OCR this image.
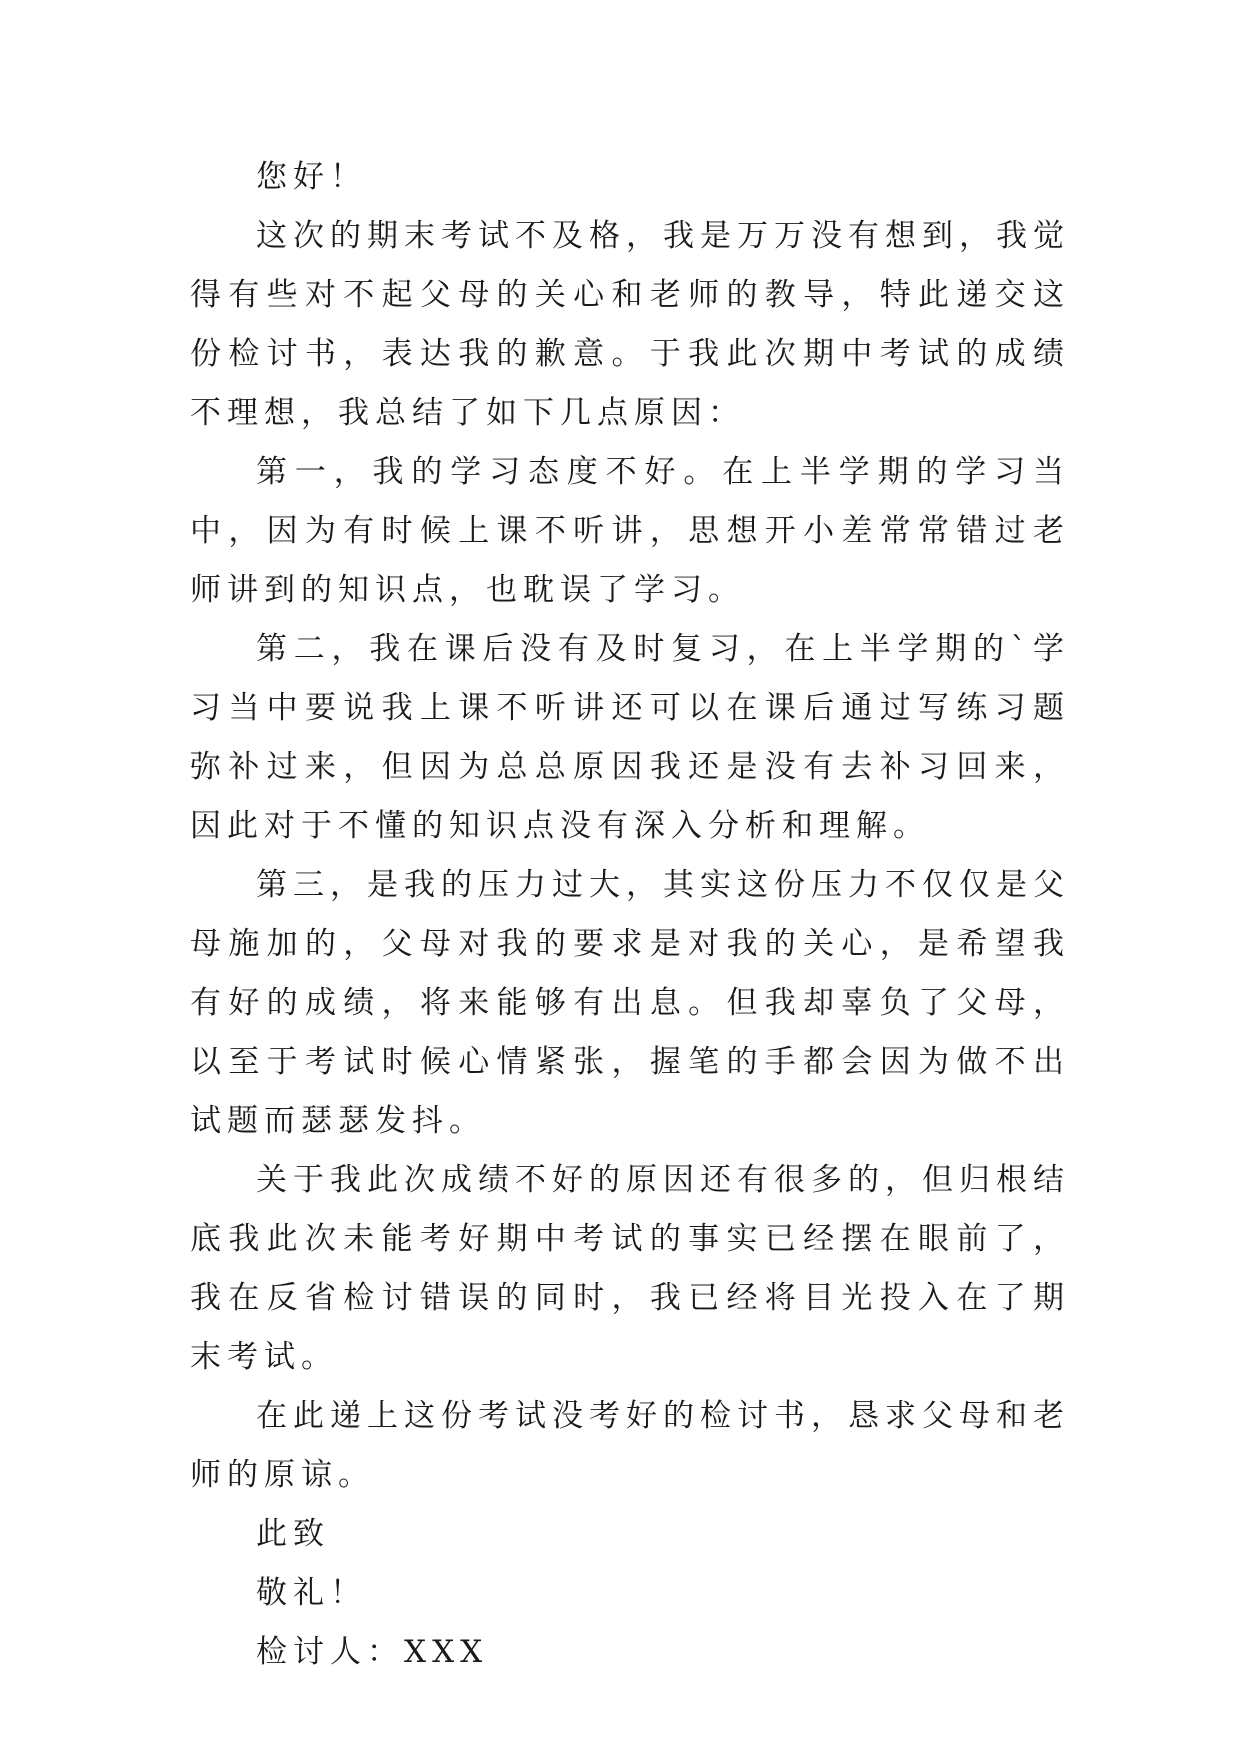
您好！

这次的期末考试不及格，我是万万没有想到，我觉得有些对不起父母的关心和老师的教导，特此递交这份检讨书，表达我的歉意。于我此次期中考试的成绩不理想，我总结了如下几点原因：

第一，我的学习态度不好。在上半学期的学习当中，因为有时候上课不听讲，思想开小差常常错过老师讲到的知识点，也耽误了学习。

第二，我在课后没有及时复习，在上半学期的`学习当中要说我上课不听讲还可以在课后通过写练习题弥补过来，但因为总总原因我还是没有去补习回来，因此对于不懂的知识点没有深入分析和理解。

第三，是我的压力过大，其实这份压力不仅仅是父母施加的，父母对我的要求是对我的关心，是希望我有好的成绩，将来能够有出息。但我却辜负了父母，以至于考试时候心情紧张，握笔的手都会因为做不出试题而瑟瑟发抖。

关于我此次成绩不好的原因还有很多的，但归根结底我此次未能考好期中考试的事实已经摆在眼前了，我在反省检讨错误的同时，我已经将目光投入在了期末考试。

在此递上这份考试没考好的检讨书，恳求父母和老师的原谅。

此致

敬礼！

检讨人：XXX
